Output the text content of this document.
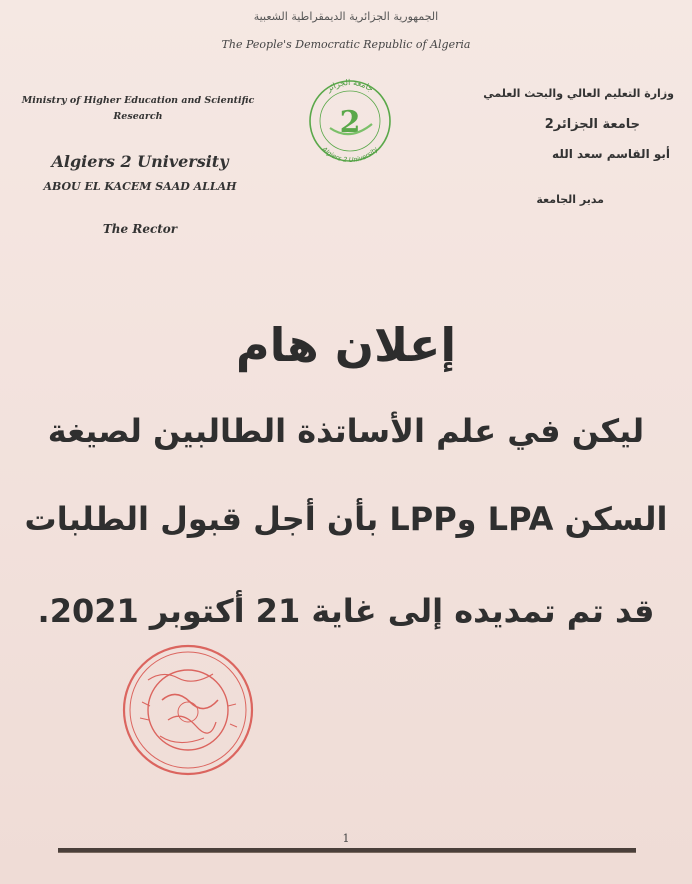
الجمهورية الجزائرية الديمقراطية الشعبية
The People's Democratic Republic of Algeria
Ministry of Higher Education and Scientific Research
Algiers 2 University
ABOU EL KACEM SAAD ALLAH
The Rector
وزارة التعليم العالي والبحث العلمي
جامعة الجزائر2
أبو القاسم سعد الله
مدير الجامعة
جامعة الجزائر
Algiers 2 University
2
إعلان هام
ليكن في علم الأساتذة الطالبين لصيغة
السكن LPA وLPP بأن أجل قبول الطلبات
قد تم تمديده إلى غاية 21 أكتوبر 2021.
1
